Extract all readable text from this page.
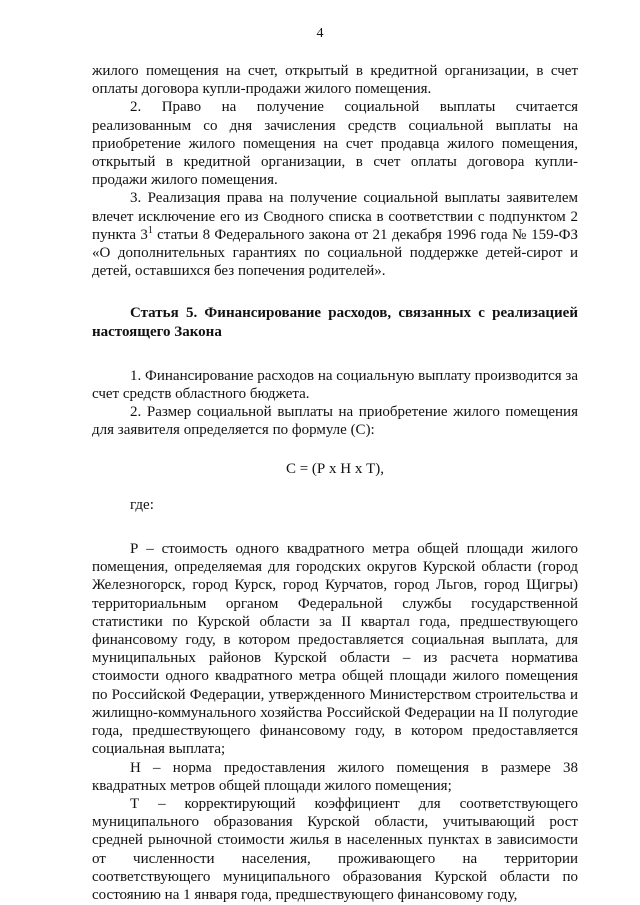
4

жилого помещения на счет, открытый в кредитной организации, в счет оплаты договора купли-продажи жилого помещения.

2. Право на получение социальной выплаты считается реализованным со дня зачисления средств социальной выплаты на приобретение жилого помещения на счет продавца жилого помещения, открытый в кредитной организации, в счет оплаты договора купли-продажи жилого помещения.

3. Реализация права на получение социальной выплаты заявителем влечет исключение его из Сводного списка в соответствии с подпунктом 2 пункта $3^1$ статьи 8 Федерального закона от 21 декабря 1996 года № 159-ФЗ «О дополнительных гарантиях по социальной поддержке детей-сирот и детей, оставшихся без попечения родителей».

Статья 5. Финансирование расходов, связанных с реализацией настоящего Закона

1. Финансирование расходов на социальную выплату производится за счет средств областного бюджета.

2. Размер социальной выплаты на приобретение жилого помещения для заявителя определяется по формуле (С):

С = (Р х Н х Т),

где:

Р – стоимость одного квадратного метра общей площади жилого помещения, определяемая для городских округов Курской области (город Железногорск, город Курск, город Курчатов, город Льгов, город Щигры) территориальным органом Федеральной службы государственной статистики по Курской области за II квартал года, предшествующего финансовому году, в котором предоставляется социальная выплата, для муниципальных районов Курской области – из расчета норматива стоимости одного квадратного метра общей площади жилого помещения по Российской Федерации, утвержденного Министерством строительства и жилищно-коммунального хозяйства Российской Федерации на II полугодие года, предшествующего финансовому году, в котором предоставляется социальная выплата;

Н – норма предоставления жилого помещения в размере 38 квадратных метров общей площади жилого помещения;

Т – корректирующий коэффициент для соответствующего муниципального образования Курской области, учитывающий рост средней рыночной стоимости жилья в населенных пунктах в зависимости от численности населения, проживающего на территории соответствующего муниципального образования Курской области по состоянию на 1 января года, предшествующего финансовому году,
